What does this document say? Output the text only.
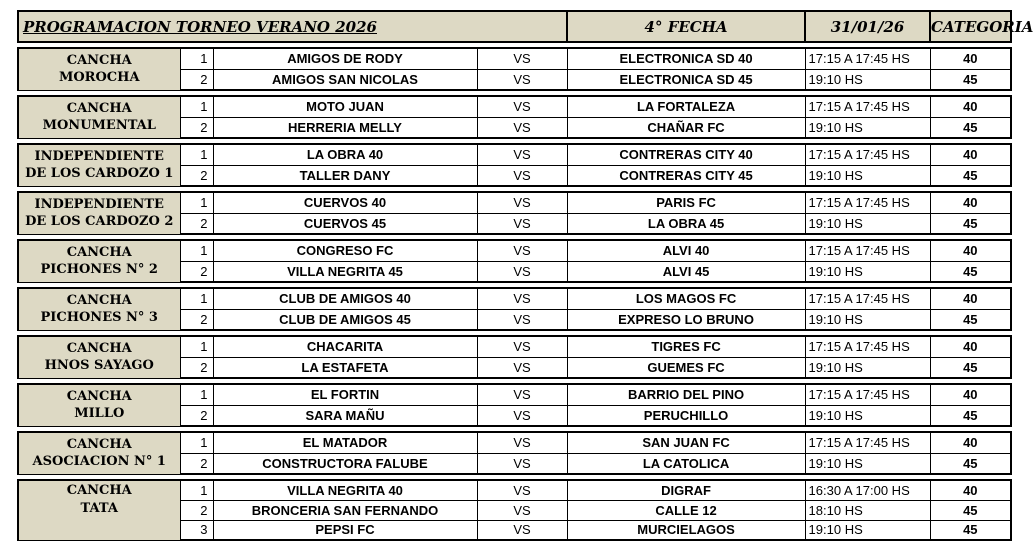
PROGRAMACION TORNEO VERANO 2026				4° FECHA	31/01/26	CATEGORIA

CANCHA
MOROCHA	1	AMIGOS DE RODY	VS	ELECTRONICA SD 40	17:15 A 17:45 HS	40
	2	AMIGOS SAN NICOLAS	VS	ELECTRONICA SD 45	19:10 HS	45

CANCHA
MONUMENTAL	1	MOTO JUAN	VS	LA FORTALEZA	17:15 A 17:45 HS	40
	2	HERRERIA MELLY	VS	CHAÑAR FC	19:10 HS	45

INDEPENDIENTE
DE LOS CARDOZO 1	1	LA OBRA 40	VS	CONTRERAS CITY 40	17:15 A 17:45 HS	40
	2	TALLER DANY	VS	CONTRERAS CITY 45	19:10 HS	45

INDEPENDIENTE
DE LOS CARDOZO 2	1	CUERVOS 40	VS	PARIS FC	17:15 A 17:45 HS	40
	2	CUERVOS 45	VS	LA OBRA 45	19:10 HS	45

CANCHA
PICHONES N° 2	1	CONGRESO FC	VS	ALVI 40	17:15 A 17:45 HS	40
	2	VILLA NEGRITA 45	VS	ALVI 45	19:10 HS	45

CANCHA
PICHONES N° 3	1	CLUB DE AMIGOS 40	VS	LOS MAGOS FC	17:15 A 17:45 HS	40
	2	CLUB DE AMIGOS 45	VS	EXPRESO LO BRUNO	19:10 HS	45

CANCHA
HNOS SAYAGO	1	CHACARITA	VS	TIGRES FC	17:15 A 17:45 HS	40
	2	LA ESTAFETA	VS	GUEMES FC	19:10 HS	45

CANCHA
MILLO	1	EL FORTIN	VS	BARRIO DEL PINO	17:15 A 17:45 HS	40
	2	SARA MAÑU	VS	PERUCHILLO	19:10 HS	45

CANCHA
ASOCIACION N° 1	1	EL MATADOR	VS	SAN JUAN FC	17:15 A 17:45 HS	40
	2	CONSTRUCTORA FALUBE	VS	LA CATOLICA	19:10 HS	45

CANCHA
TATA	1	VILLA NEGRITA 40	VS	DIGRAF	16:30 A 17:00 HS	40
	2	BRONCERIA SAN FERNANDO	VS	CALLE 12	18:10 HS	45
	3	PEPSI FC	VS	MURCIELAGOS	19:10 HS	45
